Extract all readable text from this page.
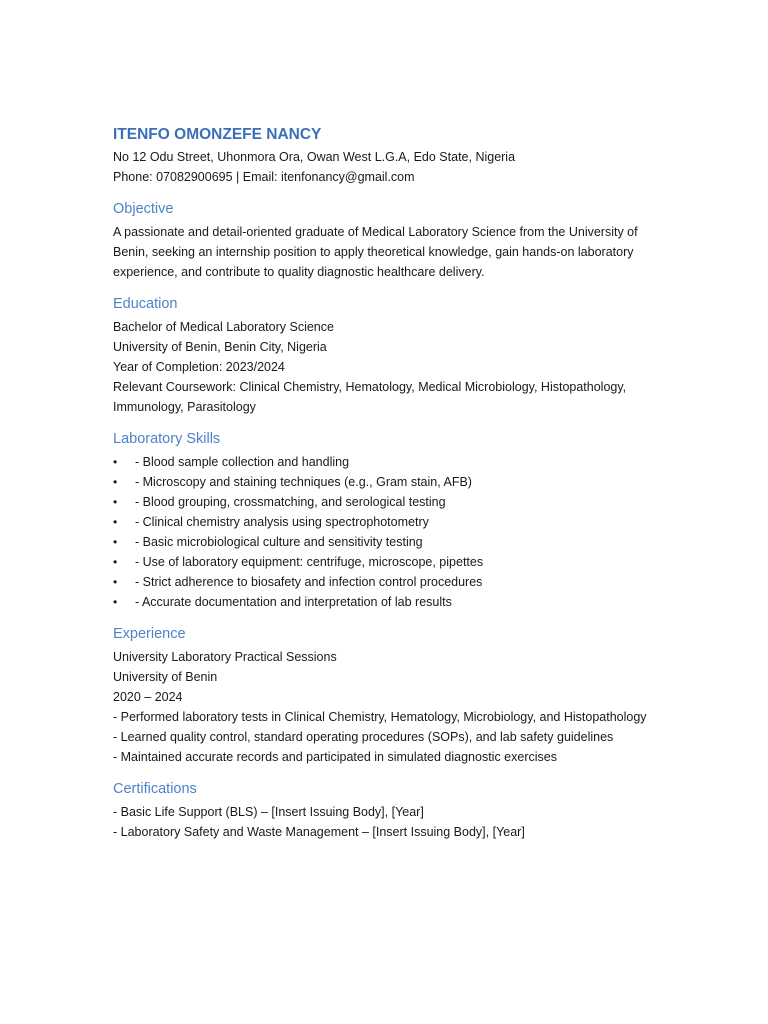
ITENFO OMONZEFE NANCY

No 12 Odu Street, Uhonmora Ora, Owan West L.G.A, Edo State, Nigeria

Phone: 07082900695 | Email: itenfonancy@gmail.com

Objective

A passionate and detail-oriented graduate of Medical Laboratory Science from the University of Benin, seeking an internship position to apply theoretical knowledge, gain hands-on laboratory experience, and contribute to quality diagnostic healthcare delivery.

Education

Bachelor of Medical Laboratory Science

University of Benin, Benin City, Nigeria

Year of Completion: 2023/2024

Relevant Coursework: Clinical Chemistry, Hematology, Medical Microbiology, Histopathology, Immunology, Parasitology

Laboratory Skills
• - Blood sample collection and handling
• - Microscopy and staining techniques (e.g., Gram stain, AFB)
• - Blood grouping, crossmatching, and serological testing
• - Clinical chemistry analysis using spectrophotometry
• - Basic microbiological culture and sensitivity testing
• - Use of laboratory equipment: centrifuge, microscope, pipettes
• - Strict adherence to biosafety and infection control procedures
• - Accurate documentation and interpretation of lab results
Experience

University Laboratory Practical Sessions

University of Benin

2020 – 2024

- Performed laboratory tests in Clinical Chemistry, Hematology, Microbiology, and Histopathology

- Learned quality control, standard operating procedures (SOPs), and lab safety guidelines

- Maintained accurate records and participated in simulated diagnostic exercises

Certifications

- Basic Life Support (BLS) – [Insert Issuing Body], [Year]

- Laboratory Safety and Waste Management – [Insert Issuing Body], [Year]
